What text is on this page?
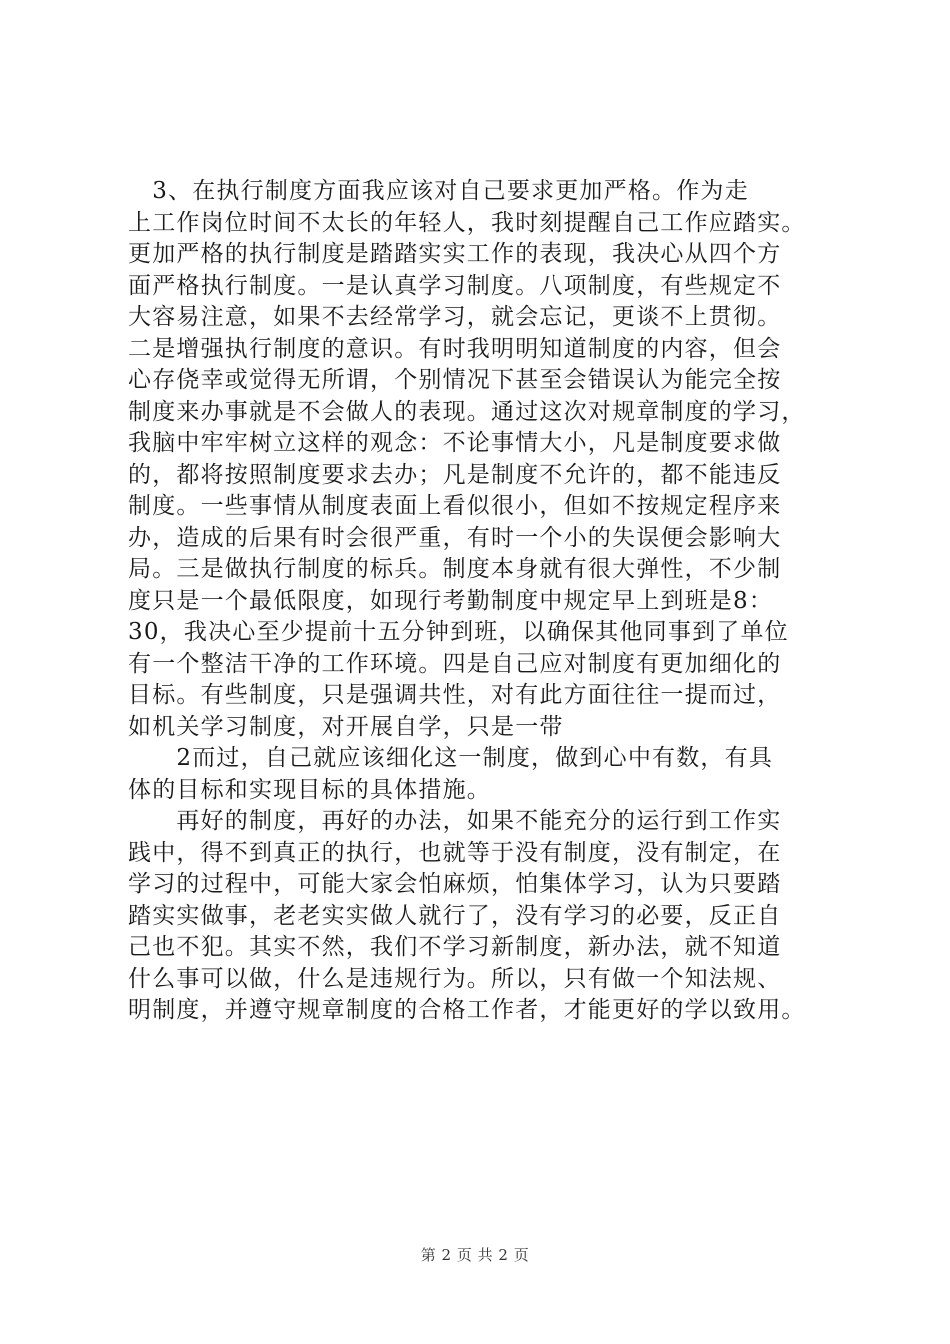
　3、在执行制度方面我应该对自己要求更加严格。作为走
上工作岗位时间不太长的年轻人，我时刻提醒自己工作应踏实。
更加严格的执行制度是踏踏实实工作的表现，我决心从四个方
面严格执行制度。一是认真学习制度。八项制度，有些规定不
大容易注意，如果不去经常学习，就会忘记，更谈不上贯彻。
二是增强执行制度的意识。有时我明明知道制度的内容，但会
心存侥幸或觉得无所谓，个别情况下甚至会错误认为能完全按
制度来办事就是不会做人的表现。通过这次对规章制度的学习，
我脑中牢牢树立这样的观念：不论事情大小，凡是制度要求做
的，都将按照制度要求去办；凡是制度不允许的，都不能违反
制度。一些事情从制度表面上看似很小，但如不按规定程序来
办，造成的后果有时会很严重，有时一个小的失误便会影响大
局。三是做执行制度的标兵。制度本身就有很大弹性，不少制
度只是一个最低限度，如现行考勤制度中规定早上到班是8：
30，我决心至少提前十五分钟到班，以确保其他同事到了单位
有一个整洁干净的工作环境。四是自己应对制度有更加细化的
目标。有些制度，只是强调共性，对有此方面往往一提而过，
如机关学习制度，对开展自学，只是一带
　　2而过，自己就应该细化这一制度，做到心中有数，有具
体的目标和实现目标的具体措施。
　　再好的制度，再好的办法，如果不能充分的运行到工作实
践中，得不到真正的执行，也就等于没有制度，没有制定，在
学习的过程中，可能大家会怕麻烦，怕集体学习，认为只要踏
踏实实做事，老老实实做人就行了，没有学习的必要，反正自
己也不犯。其实不然，我们不学习新制度，新办法，就不知道
什么事可以做，什么是违规行为。所以，只有做一个知法规、
明制度，并遵守规章制度的合格工作者，才能更好的学以致用。
第 2 页 共 2 页
